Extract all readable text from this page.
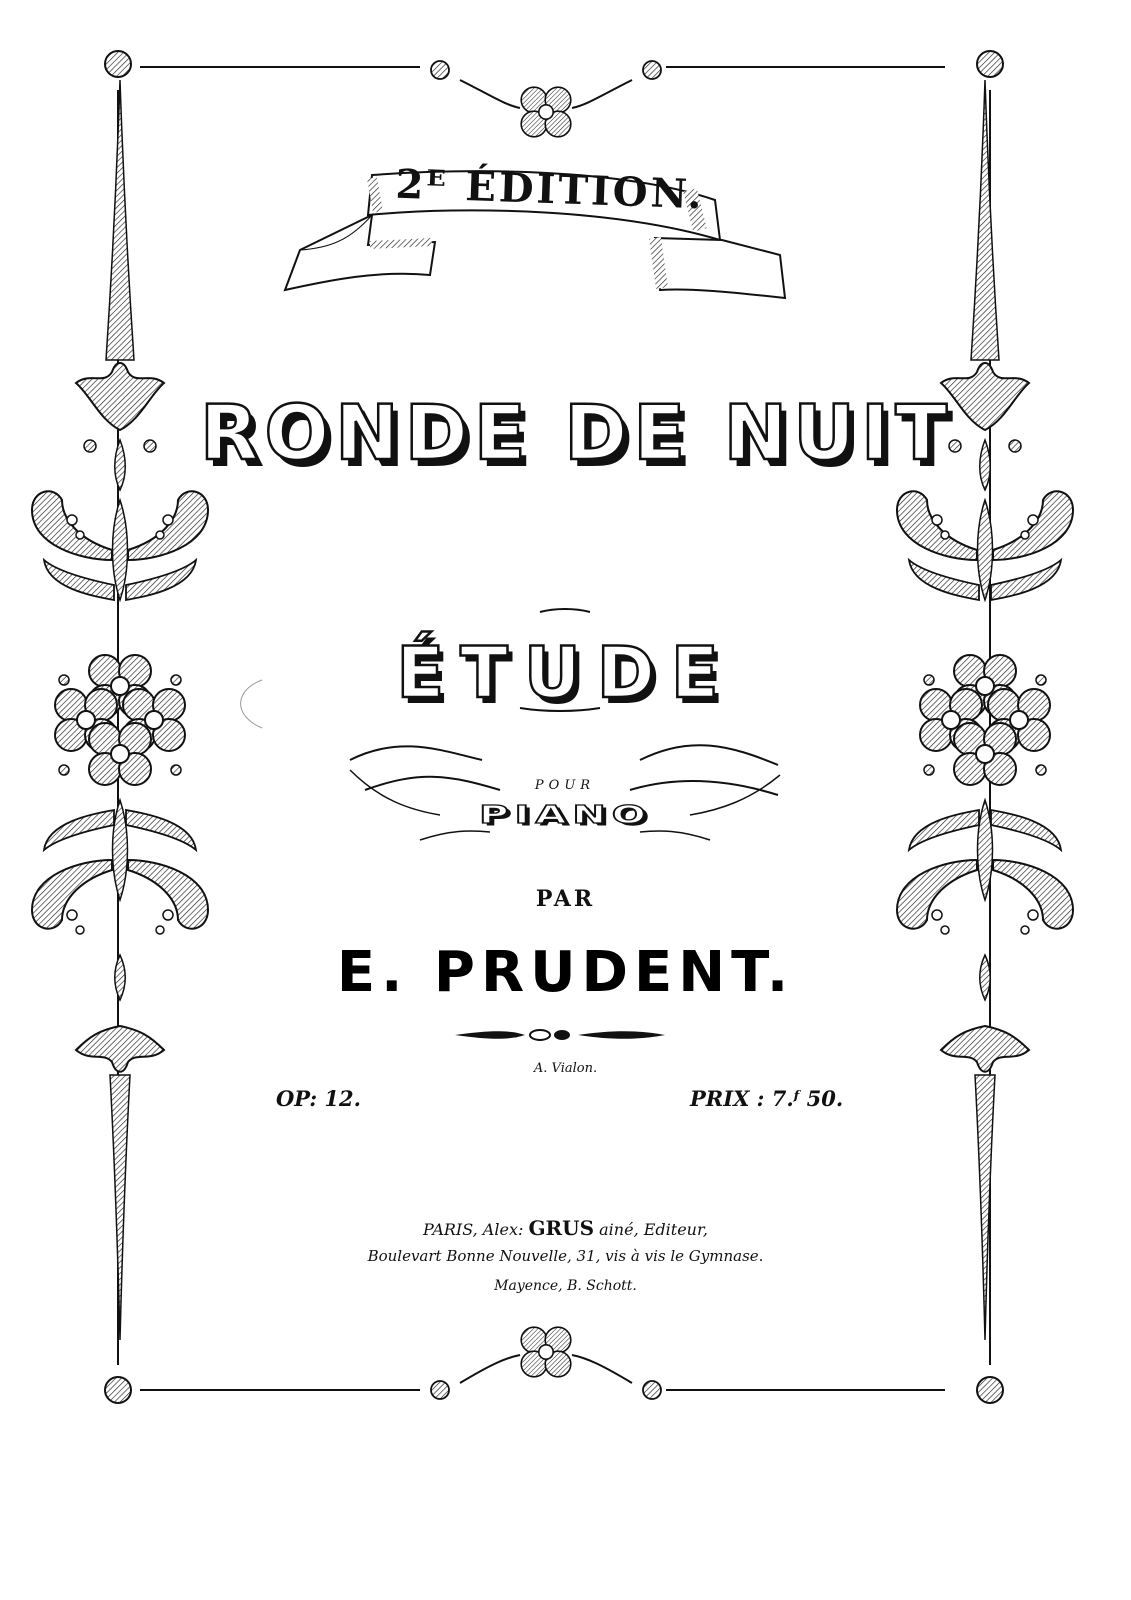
2ᴱ ÉDITION.
RONDE DE NUIT
ÉTUDE
POUR
PIANO
PAR
E. PRUDENT.
A. Vialon.
OP: 12.	PRIX : 7.ᶠ 50.
PARIS, Alex: GRUS ainé, Editeur,
Boulevart Bonne Nouvelle, 31, vis à vis le Gymnase.
Mayence, B. Schott.
